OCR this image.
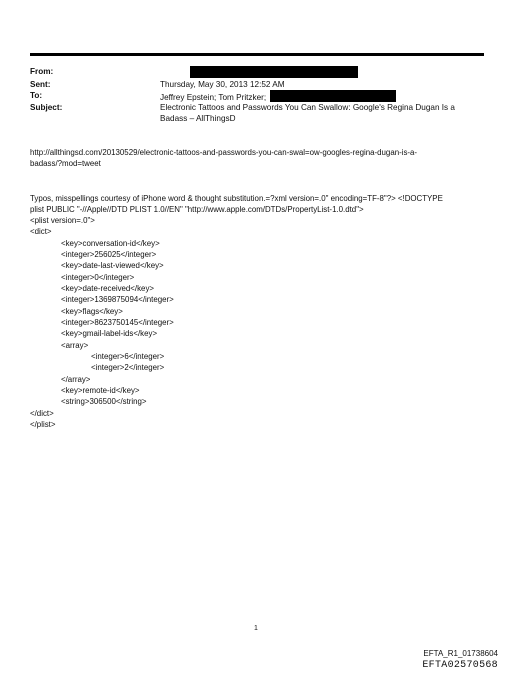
From:
Sent:	Thursday, May 30, 2013 12:52 AM
To:	Jeffrey Epstein; Tom Pritzker;
Subject:	Electronic Tattoos and Passwords You Can Swallow: Google's Regina Dugan Is a
Badass – AllThingsD
http://allthingsd.com/20130529/electronic-tattoos-and-passwords-you-can-swal=ow-googles-regina-dugan-is-a-
badass/?mod=tweet
Typos, misspellings courtesy of iPhone word & thought substitution.=?xml version=.0" encoding=TF-8"?> <!DOCTYPE
plist PUBLIC "-//Apple//DTD PLIST 1.0//EN" "http://www.apple.com/DTDs/PropertyList-1.0.dtd">
<plist version=.0">
<dict>
<key>conversation-id</key>
<integer>256025</integer>
<key>date-last-viewed</key>
<integer>0</integer>
<key>date-received</key>
<integer>1369875094</integer>
<key>flags</key>
<integer>8623750145</integer>
<key>gmail-label-ids</key>
<array>
<integer>6</integer>
<integer>2</integer>
</array>
<key>remote-id</key>
<string>306500</string>
</dict>
</plist>
1
EFTA_R1_01738604
EFTA02570568
